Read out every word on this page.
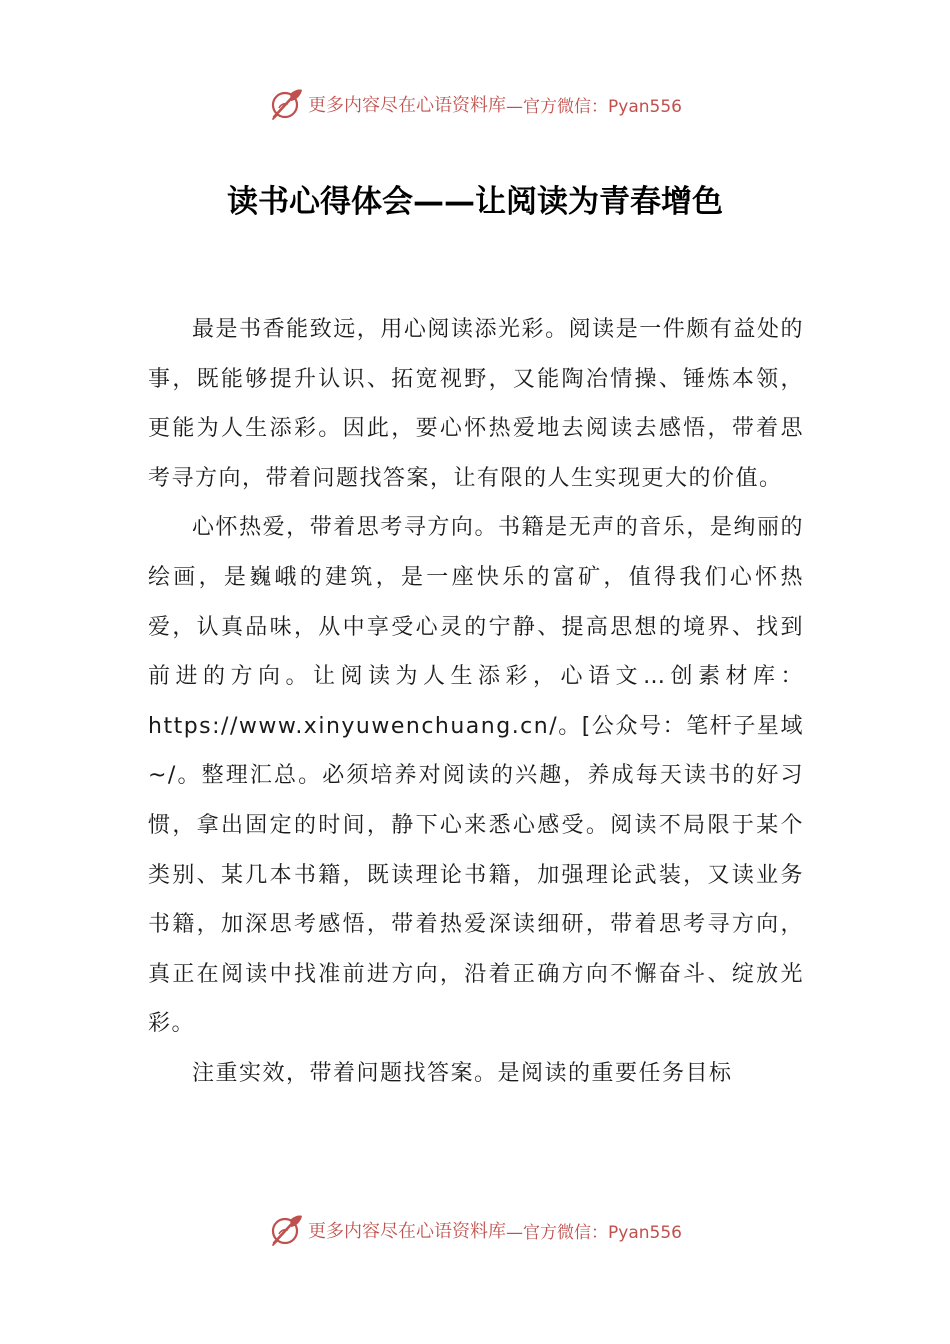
更多内容尽在心语资料库 —官方微信：Pyan556
读书心得体会——让阅读为青春增色

最是书香能致远，用心阅读添光彩。阅读是一件颇有益处的事，既能够提升认识、拓宽视野，又能陶冶情操、锤炼本领，更能为人生添彩。因此，要心怀热爱地去阅读去感悟，带着思考寻方向，带着问题找答案，让有限的人生实现更大的价值。

心怀热爱，带着思考寻方向。书籍是无声的音乐，是绚丽的绘画，是巍峨的建筑，是一座快乐的富矿，值得我们心怀热爱，认真品味，从中享受心灵的宁静、提高思想的境界、找到前进的方向。让阅读为人生添彩，心语文…创素材库：https://www.xinyuwenchuang.cn/。[公众号：笔杆子星域~/。整理汇总。必须培养对阅读的兴趣，养成每天读书的好习惯，拿出固定的时间，静下心来悉心感受。阅读不局限于某个类别、某几本书籍，既读理论书籍，加强理论武装，又读业务书籍，加深思考感悟，带着热爱深读细研，带着思考寻方向，真正在阅读中找准前进方向，沿着正确方向不懈奋斗、绽放光彩。

注重实效，带着问题找答案。是阅读的重要任务目标

更多内容尽在心语资料库 —官方微信：Pyan556
